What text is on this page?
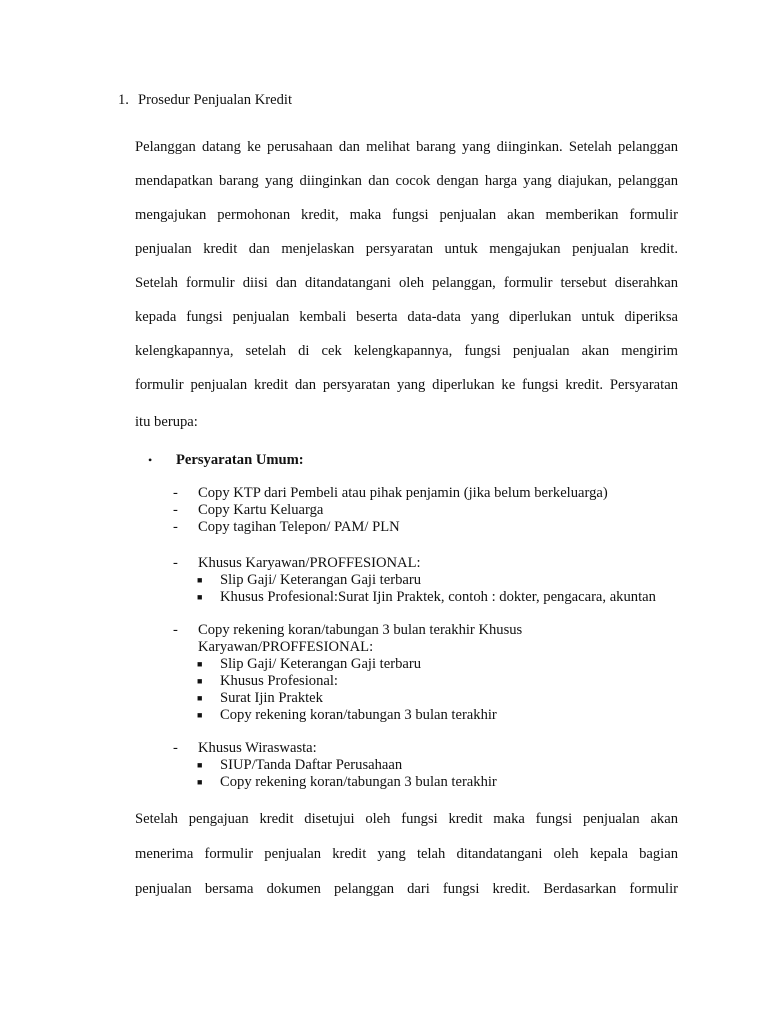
1. Prosedur Penjualan Kredit
Pelanggan datang ke perusahaan dan melihat barang yang diinginkan. Setelah pelanggan
mendapatkan barang yang diinginkan dan cocok dengan harga yang diajukan, pelanggan
mengajukan permohonan kredit, maka fungsi penjualan akan memberikan formulir
penjualan kredit dan menjelaskan persyaratan untuk mengajukan penjualan kredit.
Setelah formulir diisi dan ditandatangani oleh pelanggan, formulir tersebut diserahkan
kepada fungsi penjualan kembali beserta data-data yang diperlukan untuk diperiksa
kelengkapannya, setelah di cek kelengkapannya, fungsi penjualan akan mengirim
formulir penjualan kredit dan persyaratan yang diperlukan ke fungsi kredit. Persyaratan
itu berupa:
• Persyaratan Umum:
- Copy KTP dari Pembeli atau pihak penjamin (jika belum berkeluarga)
- Copy Kartu Keluarga
- Copy tagihan Telepon/ PAM/ PLN
- Khusus Karyawan/PROFFESIONAL:
■ Slip Gaji/ Keterangan Gaji terbaru
■ Khusus Profesional:Surat Ijin Praktek, contoh : dokter, pengacara, akuntan
- Copy rekening koran/tabungan 3 bulan terakhir Khusus
Karyawan/PROFFESIONAL:
■ Slip Gaji/ Keterangan Gaji terbaru
■ Khusus Profesional:
■ Surat Ijin Praktek
■ Copy rekening koran/tabungan 3 bulan terakhir
- Khusus Wiraswasta:
■ SIUP/Tanda Daftar Perusahaan
■ Copy rekening koran/tabungan 3 bulan terakhir
Setelah pengajuan kredit disetujui oleh fungsi kredit maka fungsi penjualan akan
menerima formulir penjualan kredit yang telah ditandatangani oleh kepala bagian
penjualan bersama dokumen pelanggan dari fungsi kredit. Berdasarkan formulir
